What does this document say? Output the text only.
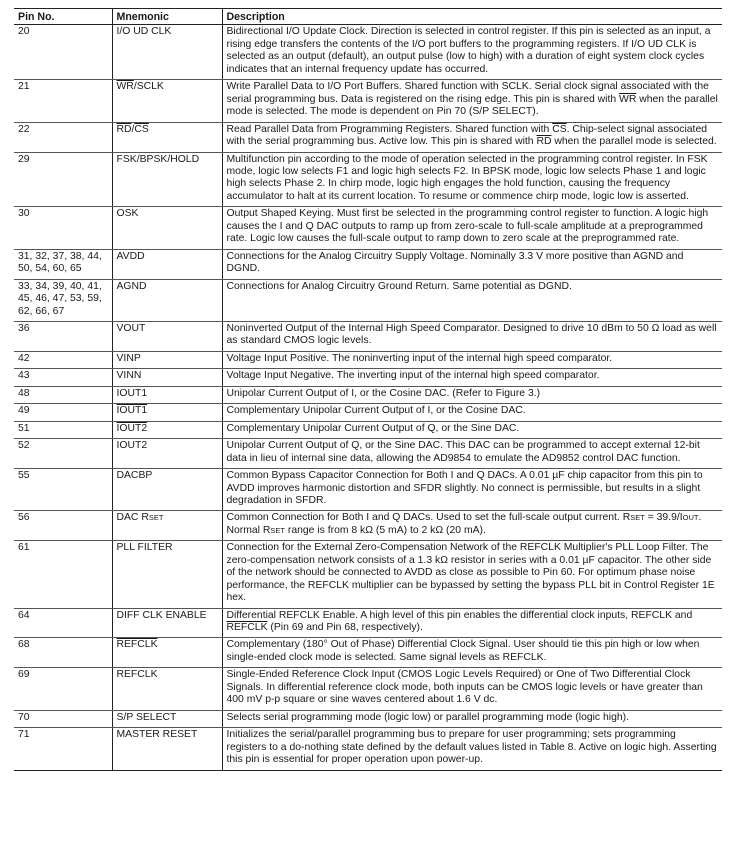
Pin No.	Mnemonic	Description
20	I/O UD CLK	Bidirectional I/O Update Clock. Direction is selected in control register. If this pin is selected as an input, a rising edge transfers the contents of the I/O port buffers to the programming registers. If I/O UD CLK is selected as an output (default), an output pulse (low to high) with a duration of eight system clock cycles indicates that an internal frequency update has occurred.
21	$\overline{WR}$/SCLK	Write Parallel Data to I/O Port Buffers. Shared function with SCLK. Serial clock signal associated with the serial programming bus. Data is registered on the rising edge. This pin is shared with $\overline{WR}$ when the parallel mode is selected. The mode is dependent on Pin 70 (S/P SELECT).
22	$\overline{RD}/\overline{CS}$	Read Parallel Data from Programming Registers. Shared function with $\overline{CS}$. Chip-select signal associated with the serial programming bus. Active low. This pin is shared with $\overline{RD}$ when the parallel mode is selected.
29	FSK/BPSK/HOLD	Multifunction pin according to the mode of operation selected in the programming control register. In FSK mode, logic low selects F1 and logic high selects F2. In BPSK mode, logic low selects Phase 1 and logic high selects Phase 2. In chirp mode, logic high engages the hold function, causing the frequency accumulator to halt at its current location. To resume or commence chirp mode, logic low is asserted.
30	OSK	Output Shaped Keying. Must first be selected in the programming control register to function. A logic high causes the I and Q DAC outputs to ramp up from zero-scale to full-scale amplitude at a preprogrammed rate. Logic low causes the full-scale output to ramp down to zero scale at the preprogrammed rate.
31, 32, 37, 38, 44, 50, 54, 60, 65	AVDD	Connections for the Analog Circuitry Supply Voltage. Nominally 3.3 V more positive than AGND and DGND.
33, 34, 39, 40, 41, 45, 46, 47, 53, 59, 62, 66, 67	AGND	Connections for Analog Circuitry Ground Return. Same potential as DGND.
36	VOUT	Noninverted Output of the Internal High Speed Comparator. Designed to drive 10 dBm to 50 Ω load as well as standard CMOS logic levels.
42	VINP	Voltage Input Positive. The noninverting input of the internal high speed comparator.
43	VINN	Voltage Input Negative. The inverting input of the internal high speed comparator.
48	IOUT1	Unipolar Current Output of I, or the Cosine DAC. (Refer to Figure 3.)
49	IOUT1	Complementary Unipolar Current Output of I, or the Cosine DAC.
51	IOUT2	Complementary Unipolar Current Output of Q, or the Sine DAC.
52	IOUT2	Unipolar Current Output of Q, or the Sine DAC. This DAC can be programmed to accept external 12-bit data in lieu of internal sine data, allowing the AD9854 to emulate the AD9852 control DAC function.
55	DACBP	Common Bypass Capacitor Connection for Both I and Q DACs. A 0.01 µF chip capacitor from this pin to AVDD improves harmonic distortion and SFDR slightly. No connect is permissible, but results in a slight degradation in SFDR.
56	DAC RSET	Common Connection for Both I and Q DACs. Used to set the full-scale output current. RSET = 39.9/IOUT. Normal RSET range is from 8 kΩ (5 mA) to 2 kΩ (20 mA).
61	PLL FILTER	Connection for the External Zero-Compensation Network of the REFCLK Multiplier's PLL Loop Filter. The zero-compensation network consists of a 1.3 kΩ resistor in series with a 0.01 µF capacitor. The other side of the network should be connected to AVDD as close as possible to Pin 60. For optimum phase noise performance, the REFCLK multiplier can be bypassed by setting the bypass PLL bit in Control Register 1E hex.
64	DIFF CLK ENABLE	Differential REFCLK Enable. A high level of this pin enables the differential clock inputs, REFCLK and REFCLK (Pin 69 and Pin 68, respectively).
68	REFCLK	Complementary (180° Out of Phase) Differential Clock Signal. User should tie this pin high or low when single-ended clock mode is selected. Same signal levels as REFCLK.
69	REFCLK	Single-Ended Reference Clock Input (CMOS Logic Levels Required) or One of Two Differential Clock Signals. In differential reference clock mode, both inputs can be CMOS logic levels or have greater than 400 mV p-p square or sine waves centered about 1.6 V dc.
70	S/P SELECT	Selects serial programming mode (logic low) or parallel programming mode (logic high).
71	MASTER RESET	Initializes the serial/parallel programming bus to prepare for user programming; sets programming registers to a do-nothing state defined by the default values listed in Table 8. Active on logic high. Asserting this pin is essential for proper operation upon power-up.
